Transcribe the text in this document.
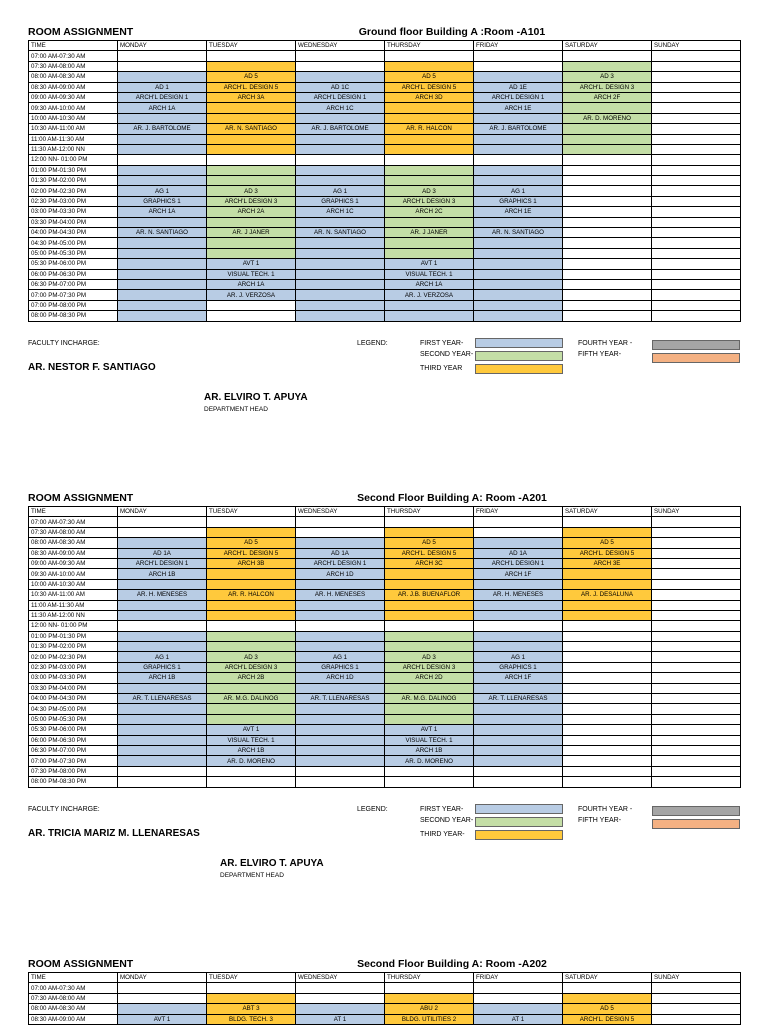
ROOM ASSIGNMENT	Ground floor Building A :Room -A101
TIME	MONDAY	TUESDAY	WEDNESDAY	THURSDAY	FRIDAY	SATURDAY	SUNDAY
07:00 AM-07:30 AM							
07:30 AM-08:00 AM							
08:00 AM-08:30 AM		AD 5		AD 5		AD 3	
08:30 AM-09:00 AM	AD 1	ARCH'L. DESIGN 5	AD 1C	ARCH'L. DESIGN 5	AD 1E	ARCH'L. DESIGN 3	
09:00 AM-09:30 AM	ARCH'L DESIGN 1	ARCH 3A	ARCH'L DESIGN 1	ARCH 3D	ARCH'L DESIGN 1	ARCH 2F	
09:30 AM-10:00 AM	ARCH 1A		ARCH 1C		ARCH 1E		
10:00 AM-10:30 AM						AR. D. MORENO	
10:30 AM-11:00 AM	AR. J. BARTOLOME	AR. N. SANTIAGO	AR. J. BARTOLOME	AR. R. HALCON	AR. J. BARTOLOME		
11:00 AM-11:30 AM							
11:30 AM-12:00 NN							
12:00 NN- 01:00 PM							
01:00 PM-01:30 PM							
01:30 PM-02:00 PM							
02:00 PM-02:30 PM	AG 1	AD 3	AG 1	AD 3	AG 1		
02:30 PM-03:00 PM	GRAPHICS 1	ARCH'L DESIGN 3	GRAPHICS 1	ARCH'L DESIGN 3	GRAPHICS 1		
03:00 PM-03:30 PM	ARCH 1A	ARCH 2A	ARCH 1C	ARCH 2C	ARCH 1E		
03:30 PM-04:00 PM							
04:00 PM-04:30 PM	AR. N. SANTIAGO	AR. J JANER	AR. N. SANTIAGO	AR. J JANER	AR. N. SANTIAGO		
04:30 PM-05:00 PM							
05:00 PM-05:30 PM							
05:30 PM-06:00 PM		AVT 1		AVT 1			
06:00 PM-06:30 PM		VISUAL TECH. 1		VISUAL TECH. 1			
06:30 PM-07:00 PM		ARCH 1A		ARCH 1A			
07:00 PM-07:30 PM		AR. J. VERZOSA		AR. J. VERZOSA			
07:00 PM-08:00 PM							
08:00 PM-08:30 PM							
FACULTY INCHARGE:
AR. NESTOR F. SANTIAGO
LEGEND:	FIRST YEAR-
SECOND YEAR-
THIRD YEAR
FOURTH YEAR -
FIFTH YEAR-
AR. ELVIRO T. APUYA
DEPARTMENT HEAD
ROOM ASSIGNMENT	Second Floor Building A: Room -A201
TIME	MONDAY	TUESDAY	WEDNESDAY	THURSDAY	FRIDAY	SATURDAY	SUNDAY
07:00 AM-07:30 AM							
07:30 AM-08:00 AM							
08:00 AM-08:30 AM		AD 5		AD 5		AD 5	
08:30 AM-09:00 AM	AD 1A	ARCH'L. DESIGN 5	AD 1A	ARCH'L. DESIGN 5	AD 1A	ARCH'L. DESIGN 5	
09:00 AM-09:30 AM	ARCH'L DESIGN 1	ARCH 3B	ARCH'L DESIGN 1	ARCH 3C	ARCH'L DESIGN 1	ARCH 3E	
09:30 AM-10:00 AM	ARCH 1B		ARCH 1D		ARCH 1F		
10:00 AM-10:30 AM							
10:30 AM-11:00 AM	AR. H. MENESES	AR. R. HALCON	AR. H. MENESES	AR. J.B. BUENAFLOR	AR. H. MENESES	AR. J. DESALUNA	
11:00 AM-11:30 AM							
11:30 AM-12:00 NN							
12:00 NN- 01:00 PM							
01:00 PM-01:30 PM							
01:30 PM-02:00 PM							
02:00 PM-02:30 PM	AG 1	AD 3	AG 1	AD 3	AG 1		
02:30 PM-03:00 PM	GRAPHICS 1	ARCH'L DESIGN 3	GRAPHICS 1	ARCH'L DESIGN 3	GRAPHICS 1		
03:00 PM-03:30 PM	ARCH 1B	ARCH 2B	ARCH 1D	ARCH 2D	ARCH 1F		
03:30 PM-04:00 PM							
04:00 PM-04:30 PM	AR. T. LLENARESAS	AR. M.G. DALINOG	AR. T. LLENARESAS	AR. M.G. DALINOG	AR. T. LLENARESAS		
04:30 PM-05:00 PM							
05:00 PM-05:30 PM							
05:30 PM-06:00 PM		AVT 1		AVT 1			
06:00 PM-06:30 PM		VISUAL TECH. 1		VISUAL TECH. 1			
06:30 PM-07:00 PM		ARCH 1B		ARCH 1B			
07:00 PM-07:30 PM		AR. D. MORENO		AR. D. MORENO			
07:30 PM-08:00 PM							
08:00 PM-08:30 PM							
FACULTY INCHARGE:
AR. TRICIA MARIZ M. LLENARESAS
LEGEND:	FIRST YEAR-
SECOND YEAR-
THIRD YEAR-
FOURTH YEAR -
FIFTH YEAR-
AR. ELVIRO T. APUYA
DEPARTMENT HEAD
ROOM ASSIGNMENT	Second Floor Building A: Room -A202
TIME	MONDAY	TUESDAY	WEDNESDAY	THURSDAY	FRIDAY	SATURDAY	SUNDAY
07:00 AM-07:30 AM							
07:30 AM-08:00 AM							
08:00 AM-08:30 AM		ABT 3		ABU 2		AD 5	
08:30 AM-09:00 AM	AVT 1	BLDG. TECH. 3	AT 1	BLDG. UTILITIES 2	AT 1	ARCH'L. DESIGN 5	
